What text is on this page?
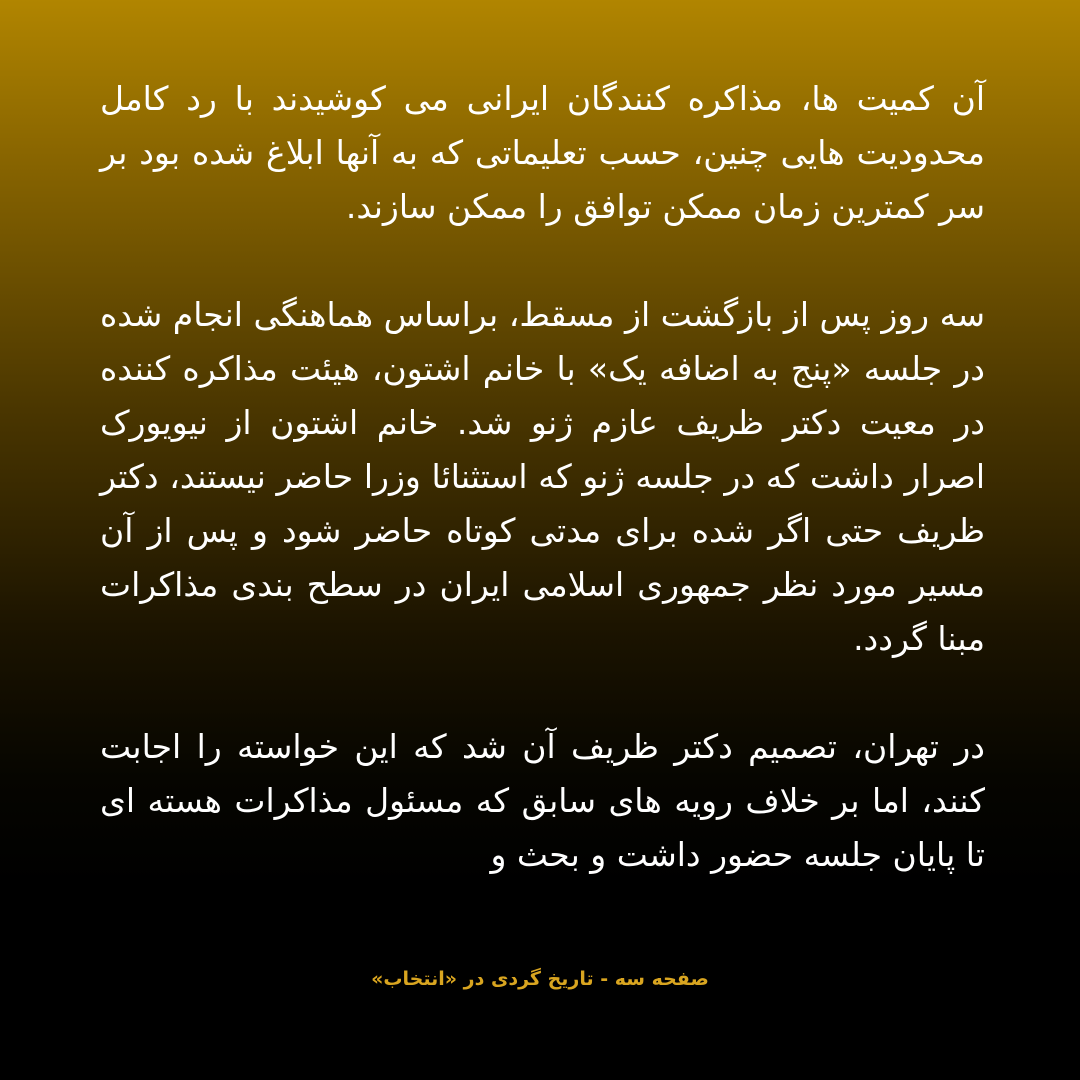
آن کمیت ها، مذاکره کنندگان ایرانی می کوشیدند با رد کامل محدودیت هایی چنین، حسب تعلیماتی که به آنها ابلاغ شده بود بر سر کمترین زمان ممکن توافق را ممکن سازند.

سه روز پس از بازگشت از مسقط، براساس هماهنگی انجام شده در جلسه «پنج به اضافه یک» با خانم اشتون، هیئت مذاکره کننده در معیت دکتر ظریف عازم ژنو شد. خانم اشتون از نیویورک اصرار داشت که در جلسه ژنو که استثنائا وزرا حاضر نیستند، دکتر ظریف حتی اگر شده برای مدتی کوتاه حاضر شود و پس از آن مسیر مورد نظر جمهوری اسلامی ایران در سطح بندی مذاکرات مبنا گردد.

در تهران، تصمیم دکتر ظریف آن شد که این خواسته را اجابت کنند، اما بر خلاف رویه های سابق که مسئول مذاکرات هسته ای تا پایان جلسه حضور داشت و بحث و

صفحه سه - تاریخ گردی در «انتخاب»
